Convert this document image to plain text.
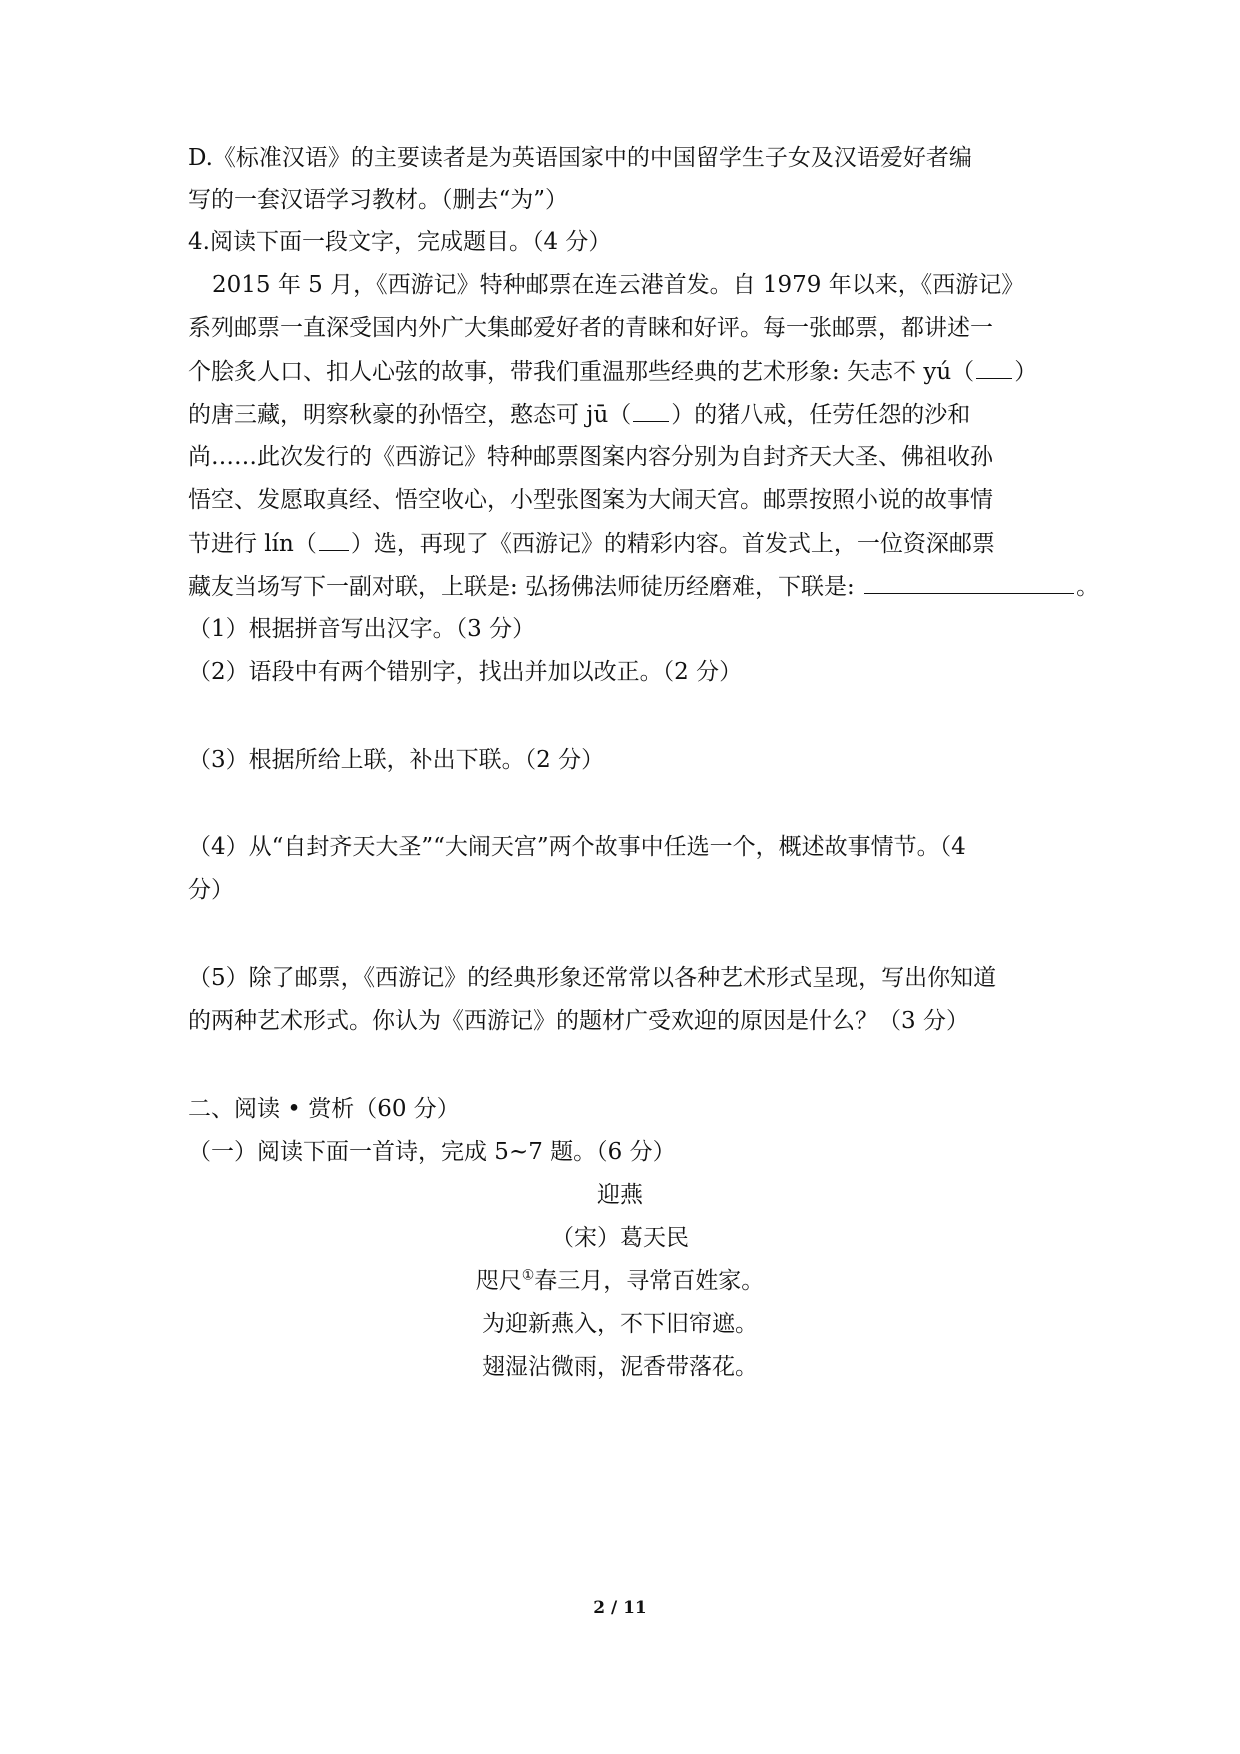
D.《标准汉语》的主要读者是为英语国家中的中国留学生子女及汉语爱好者编
写的一套汉语学习教材。（删去“为”）
4.阅读下面一段文字，完成题目。（4 分）
2015 年 5 月，《西游记》特种邮票在连云港首发。自 1979 年以来，《西游记》
系列邮票一直深受国内外广大集邮爱好者的青睐和好评。每一张邮票，都讲述一
个脍炙人口、扣人心弦的故事，带我们重温那些经典的艺术形象: 矢志不 yú（ ）
的唐三藏，明察秋豪的孙悟空，憨态可 jū（ ）的猪八戒，任劳任怨的沙和
尚……此次发行的《西游记》特种邮票图案内容分别为自封齐天大圣、佛祖收孙
悟空、发愿取真经、悟空收心，小型张图案为大闹天宫。邮票按照小说的故事情
节进行 lín（ ）选，再现了《西游记》的精彩内容。首发式上，一位资深邮票
藏友当场写下一副对联，上联是: 弘扬佛法师徒历经磨难，下联是:	。
（1）根据拼音写出汉字。（3 分）
（2）语段中有两个错别字，找出并加以改正。（2 分）
（3）根据所给上联，补出下联。（2 分）
（4）从“自封齐天大圣”“大闹天宫”两个故事中任选一个，概述故事情节。（4
分）
（5）除了邮票，《西游记》的经典形象还常常以各种艺术形式呈现，写出你知道
的两种艺术形式。你认为《西游记》的题材广受欢迎的原因是什么？（3 分）
二、阅读 • 赏析（60 分）
（一）阅读下面一首诗，完成 5~7 题。（6 分）
迎燕
（宋）葛天民
咫尺①春三月，寻常百姓家。
为迎新燕入，不下旧帘遮。
翅湿沾微雨，泥香带落花。
2 / 11
